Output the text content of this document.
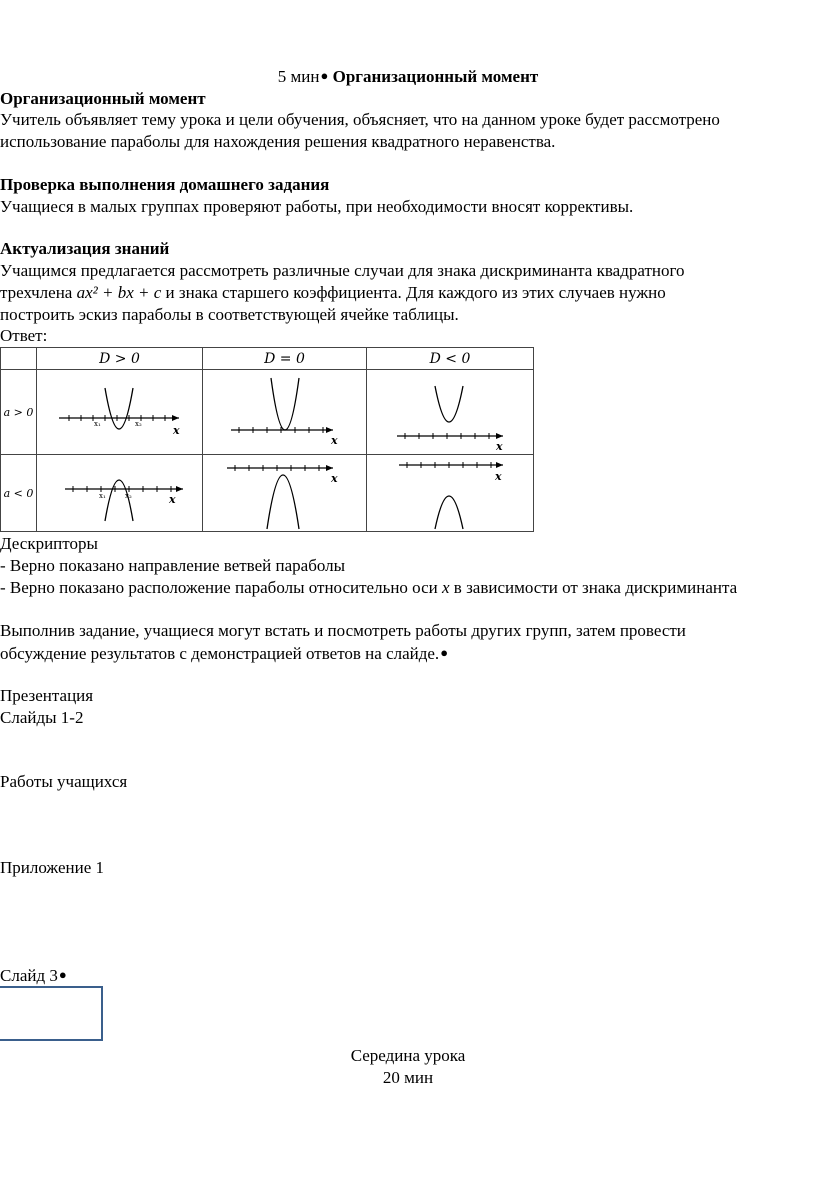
5 мин● Организационный момент
Организационный момент
Учитель объявляет тему урока и цели обучения, объясняет, что на данном уроке будет рассмотрено
использование параболы для нахождения решения квадратного неравенства.
Проверка выполнения домашнего задания
Учащиеся в малых группах проверяют работы, при необходимости вносят коррективы.
Актуализация знаний
Учащимся предлагается рассмотреть различные случаи для знака дискриминанта квадратного
трехчлена ax² + bx + c и знака старшего коэффициента. Для каждого из этих случаев нужно
построить эскиз параболы в соответствующей ячейке таблицы.
Ответ:
	D > 0	D = 0	D < 0
a > 0	x₁ x₂ x	x	x

a < 0	x₁ x₂ x	x	x
Дескрипторы
- Верно показано направление ветвей параболы
- Верно показано расположение параболы относительно оси x в зависимости от знака дискриминанта
Выполнив задание, учащиеся могут встать и посмотреть работы других групп, затем провести
обсуждение результатов с демонстрацией ответов на слайде.●
Презентация
Слайды 1-2
Работы учащихся
Приложение 1
Слайд 3●
Середина урока
20 мин
